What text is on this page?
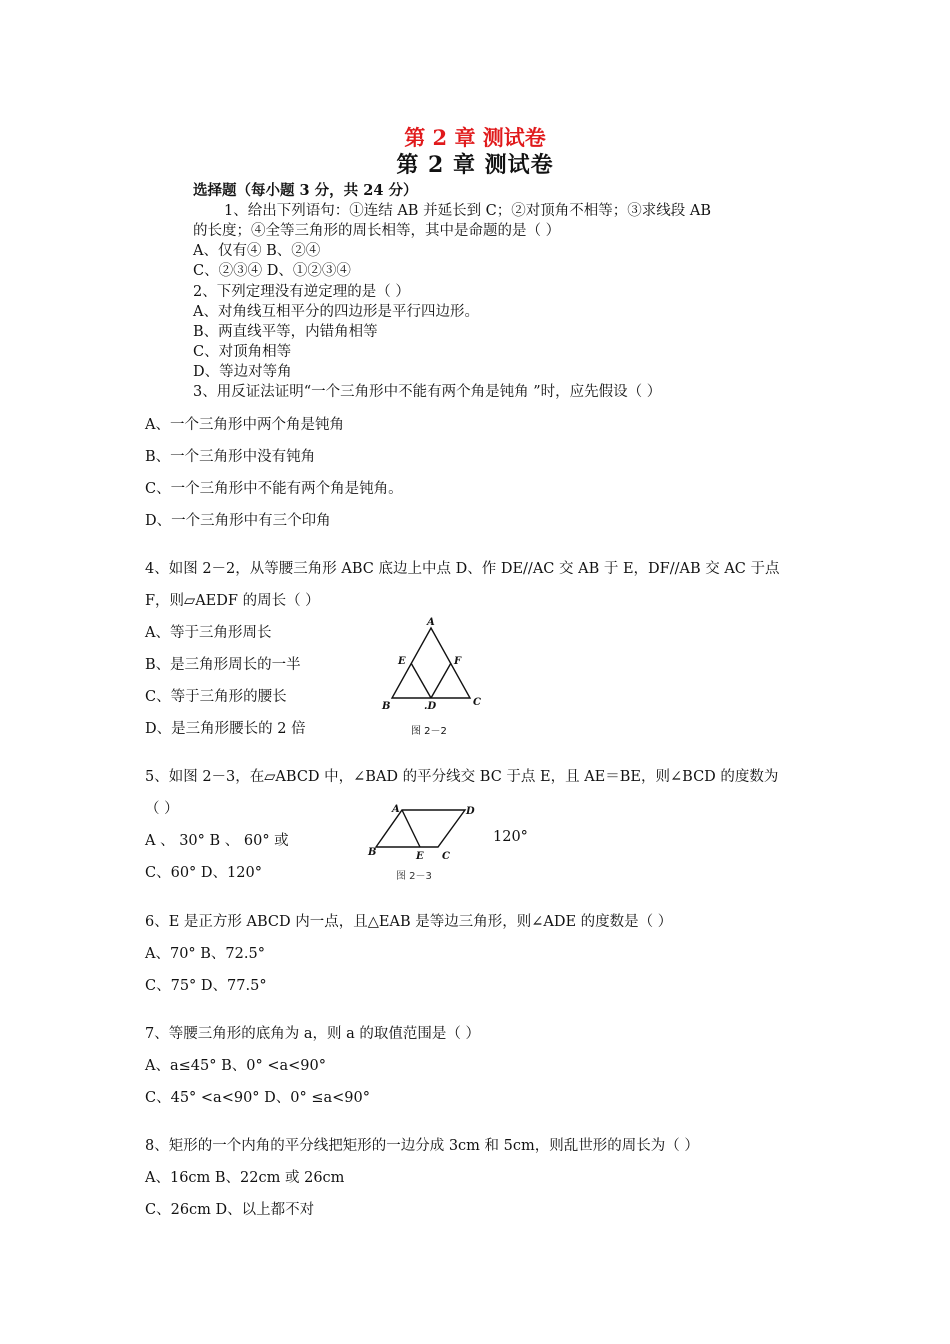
第 2 章 测试卷
第 2 章 测试卷
选择题（每小题 3 分，共 24 分）
1、给出下列语句：①连结 AB 并延长到 C；②对顶角不相等；③求线段 AB
的长度；④全等三角形的周长相等，其中是命题的是（ ）
A、仅有④ B、②④
C、②③④ D、①②③④
2、下列定理没有逆定理的是（ ）
A、对角线互相平分的四边形是平行四边形。
B、两直线平等，内错角相等
C、对顶角相等
D、等边对等角
3、用反证法证明“一个三角形中不能有两个角是钝角 ”时，应先假设（ ）
A、一个三角形中两个角是钝角
B、一个三角形中没有钝角
C、一个三角形中不能有两个角是钝角。
D、一个三角形中有三个印角
4、如图 2－2，从等腰三角形 ABC 底边上中点 D、作 DE//AC 交 AB 于 E，DF//AB 交 AC 于点
F，则▱AEDF 的周长（ ）
A、等于三角形周长
B、是三角形周长的一半
C、等于三角形的腰长
D、是三角形腰长的 2 倍
A
E	F
B	.D	C
图 2－2
5、如图 2－3，在▱ABCD 中，∠BAD 的平分线交 BC 于点 E，且 AE＝BE，则∠BCD 的度数为
（ ）
A 、 30° B 、 60° 或	120°
C、60° D、120°
A	D
B	E C
图 2－3
6、E 是正方形 ABCD 内一点，且△EAB 是等边三角形，则∠ADE 的度数是（ ）
A、70° B、72.5°
C、75° D、77.5°
7、等腰三角形的底角为 a，则 a 的取值范围是（ ）
A、a≤45° B、0° <a<90°
C、45° <a<90° D、0° ≤a<90°
8、矩形的一个内角的平分线把矩形的一边分成 3cm 和 5cm，则乱世形的周长为（ ）
A、16cm B、22cm 或 26cm
C、26cm D、以上都不对
